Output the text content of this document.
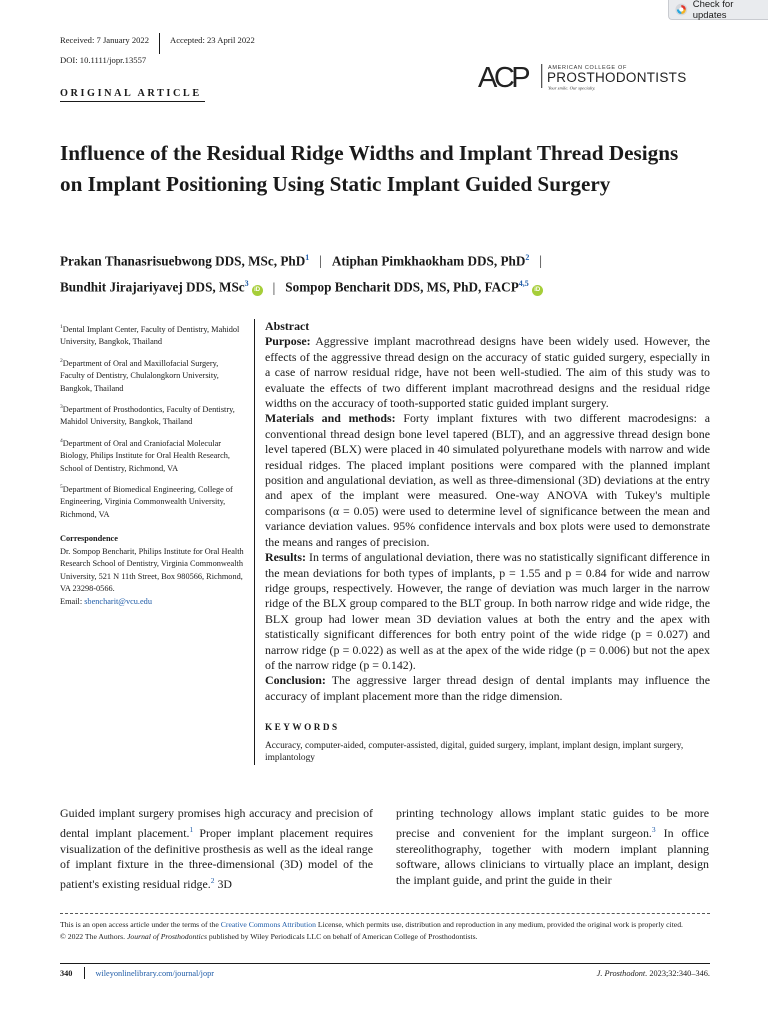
Check for updates
Received: 7 January 2022 Accepted: 23 April 2022
DOI: 10.1111/jopr.13557
ORIGINAL ARTICLE	ACP	AMERICAN COLLEGE OF
PROSTHODONTISTS
Your smile. Our specialty.
Influence of the Residual Ridge Widths and Implant Thread Designs on Implant Positioning Using Static Implant Guided Surgery
Prakan Thanasrisuebwong DDS, MSc, PhD$^1$ | Atiphan Pimkhaokham DDS, PhD$^2$ |
Bundhit Jirajariyavej DDS, MSc$^3$iD | Sompop Bencharit DDS, MS, PhD, FACP$^{4,5}$iD
$^1$Dental Implant Center, Faculty of Dentistry, Mahidol University, Bangkok, Thailand
$^2$Department of Oral and Maxillofacial Surgery, Faculty of Dentistry, Chulalongkorn University, Bangkok, Thailand
$^3$Department of Prosthodontics, Faculty of Dentistry, Mahidol University, Bangkok, Thailand
$^4$Department of Oral and Craniofacial Molecular Biology, Philips Institute for Oral Health Research, School of Dentistry, Richmond, VA
$^5$Department of Biomedical Engineering, College of Engineering, Virginia Commonwealth University, Richmond, VA
Correspondence
Dr. Sompop Bencharit, Philips Institute for Oral Health Research School of Dentistry, Virginia Commonwealth University, 521 N 11th Street, Box 980566, Richmond, VA 23298-0566.
Email: sbencharit@vcu.edu
Abstract

Purpose: Aggressive implant macrothread designs have been widely used. However, the effects of the aggressive thread design on the accuracy of static guided surgery, especially in a case of narrow residual ridge, have not been well-studied. The aim of this study was to evaluate the effects of two different implant macrothread designs and the residual ridge widths on the accuracy of tooth-supported static guided implant surgery.

Materials and methods: Forty implant fixtures with two different macrodesigns: a conventional thread design bone level tapered (BLT), and an aggressive thread design bone level tapered (BLX) were placed in 40 simulated polyurethane models with narrow and wide residual ridges. The placed implant positions were compared with the planned implant position and angulational deviation, as well as three-dimensional (3D) deviations at the entry and apex of the implant were measured. One-way ANOVA with Tukey's multiple comparisons (α = 0.05) were used to determine level of significance between the mean and variance deviation values. 95% confidence intervals and box plots were used to demonstrate the means and ranges of precision.

Results: In terms of angulational deviation, there was no statistically significant difference in the mean deviations for both types of implants, p = 1.55 and p = 0.84 for wide and narrow ridge groups, respectively. However, the range of deviation was much larger in the narrow ridge of the BLX group compared to the BLT group. In both narrow ridge and wide ridge, the BLX group had lower mean 3D deviation values at both the entry and the apex with statistically significant differences for both entry point of the wide ridge (p = 0.027) and narrow ridge (p = 0.022) as well as at the apex of the wide ridge (p = 0.006) but not the apex of the narrow ridge (p = 0.142).

Conclusion: The aggressive larger thread design of dental implants may influence the accuracy of implant placement more than the ridge dimension.

KEYWORDS
Accuracy, computer-aided, computer-assisted, digital, guided surgery, implant, implant design, implant surgery, implantology
Guided implant surgery promises high accuracy and precision of dental implant placement.$^1$ Proper implant placement requires visualization of the definitive prosthesis as well as the ideal range of implant fixture in the three-dimensional (3D) model of the patient's existing residual ridge.$^2$ 3D
printing technology allows implant static guides to be more precise and convenient for the implant surgeon.$^3$ In office stereolithography, together with modern implant planning software, allows clinicians to virtually place an implant, design the implant guide, and print the guide in their
This is an open access article under the terms of the Creative Commons Attribution License, which permits use, distribution and reproduction in any medium, provided the original work is properly cited.
© 2022 The Authors. Journal of Prosthodontics published by Wiley Periodicals LLC on behalf of American College of Prosthodontists.
340	wileyonlinelibrary.com/journal/jopr	J. Prosthodont. 2023;32:340–346.
